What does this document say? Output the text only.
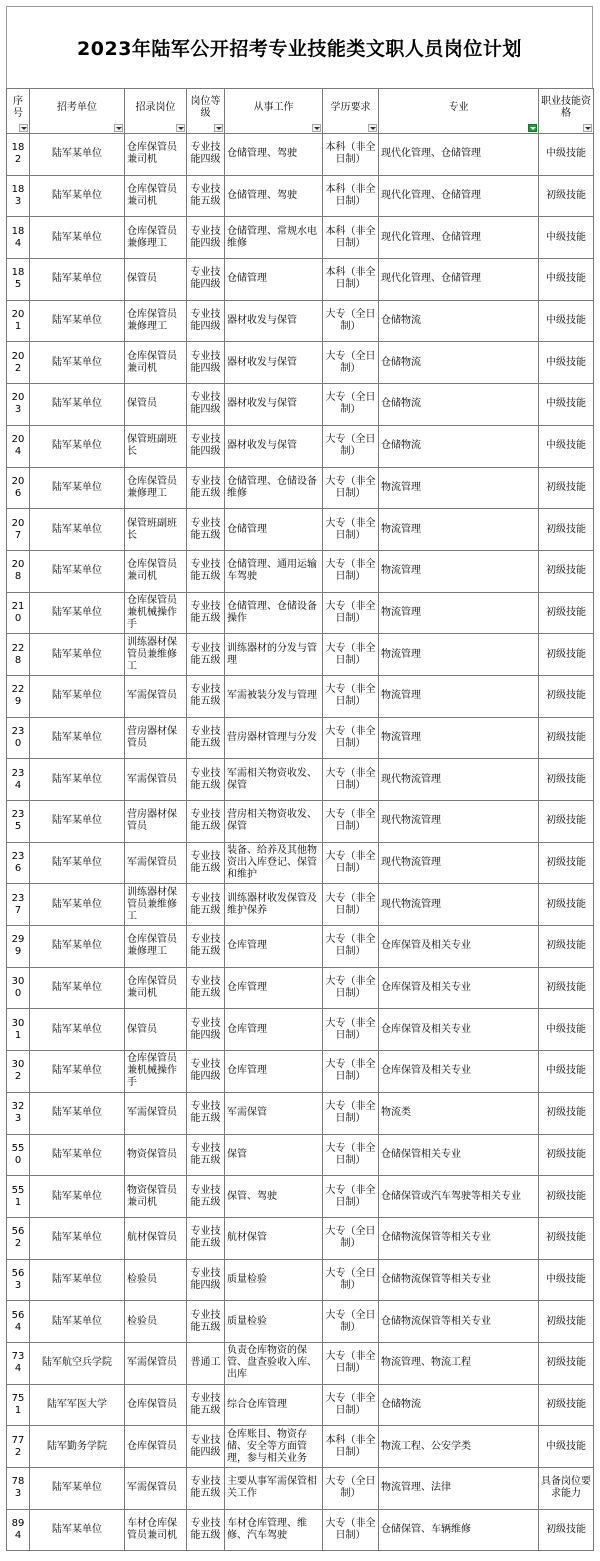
2023年陆军公开招考专业技能类文职人员岗位计划
序号	招考单位	招录岗位	岗位等级	从事工作	学历要求	专业	职业技能资格

182	陆军某单位	仓库保管员兼司机	专业技能四级	仓储管理、驾驶	本科（非全日制）	现代化管理、仓储管理	中级技能
183	陆军某单位	仓库保管员兼司机	专业技能五级	仓储管理、驾驶	本科（非全日制）	现代化管理、仓储管理	初级技能
184	陆军某单位	仓库保管员兼修理工	专业技能四级	仓储管理、常规水电维修	本科（非全日制）	现代化管理、仓储管理	中级技能
185	陆军某单位	保管员	专业技能四级	仓储管理	本科（非全日制）	现代化管理、仓储管理	中级技能
201	陆军某单位	仓库保管员兼修理工	专业技能四级	器材收发与保管	大专（全日制）	仓储物流	中级技能
202	陆军某单位	仓库保管员兼司机	专业技能四级	器材收发与保管	大专（全日制）	仓储物流	中级技能
203	陆军某单位	保管员	专业技能四级	器材收发与保管	大专（全日制）	仓储物流	中级技能
204	陆军某单位	保管班副班长	专业技能四级	器材收发与保管	大专（全日制）	仓储物流	中级技能
206	陆军某单位	仓库保管员兼修理工	专业技能五级	仓储管理、仓储设备维修	大专（非全日制）	物流管理	初级技能
207	陆军某单位	保管班副班长	专业技能五级	仓储管理	大专（非全日制）	物流管理	初级技能
208	陆军某单位	仓库保管员兼司机	专业技能五级	仓储管理、通用运输车驾驶	大专（非全日制）	物流管理	初级技能
210	陆军某单位	仓库保管员兼机械操作手	专业技能五级	仓储管理、仓储设备操作	大专（非全日制）	物流管理	初级技能
228	陆军某单位	训练器材保管员兼维修工	专业技能五级	训练器材的分发与管理	大专（非全日制）	物流管理	初级技能
229	陆军某单位	军需保管员	专业技能五级	军需被装分发与管理	大专（非全日制）	物流管理	初级技能
230	陆军某单位	营房器材保管员	专业技能五级	营房器材管理与分发	大专（非全日制）	物流管理	初级技能
234	陆军某单位	军需保管员	专业技能五级	军需相关物资收发、保管	大专（非全日制）	现代物流管理	初级技能
235	陆军某单位	营房器材保管员	专业技能五级	营房相关物资收发、保管	大专（非全日制）	现代物流管理	初级技能
236	陆军某单位	军需保管员	专业技能五级	装备、给养及其他物资出入库登记、保管和维护	大专（非全日制）	现代物流管理	初级技能
237	陆军某单位	训练器材保管员兼维修工	专业技能五级	训练器材收发保管及维护保养	大专（非全日制）	现代物流管理	初级技能
299	陆军某单位	仓库保管员兼修理工	专业技能五级	仓库管理	大专（非全日制）	仓库保管及相关专业	初级技能
300	陆军某单位	仓库保管员兼司机	专业技能五级	仓库管理	大专（非全日制）	仓库保管及相关专业	初级技能
301	陆军某单位	保管员	专业技能四级	仓库管理	大专（非全日制）	仓库保管及相关专业	中级技能
302	陆军某单位	仓库保管员兼机械操作手	专业技能四级	仓库管理	大专（非全日制）	仓库保管及相关专业	中级技能
323	陆军某单位	军需保管员	专业技能五级	军需保管	大专（非全日制）	物流类	初级技能
550	陆军某单位	物资保管员	专业技能五级	保管	大专（非全日制）	仓储保管相关专业	初级技能
551	陆军某单位	物资保管员兼司机	专业技能五级	保管、驾驶	大专（非全日制）	仓储保管或汽车驾驶等相关专业	初级技能
562	陆军某单位	航材保管员	专业技能五级	航材保管	大专（全日制）	仓储物流保管等相关专业	初级技能
563	陆军某单位	检验员	专业技能四级	质量检验	大专（全日制）	仓储物流保管等相关专业	中级技能
564	陆军某单位	检验员	专业技能五级	质量检验	大专（全日制）	仓储物流保管等相关专业	初级技能
734	陆军航空兵学院	军需保管员	普通工	负责仓库物资的保管、盘查验收入库、出库	大专（非全日制）	物流管理、物流工程	初级技能
751	陆军军医大学	仓库保管员	专业技能五级	综合仓库管理	大专（非全日制）	仓储物流	初级技能
772	陆军勤务学院	仓库保管员	专业技能四级	仓库账目、物资存储、安全等方面管理，参与相关业务	本科（非全日制）	物流工程、公安学类	中级技能
783	陆军某单位	军需保管员	专业技能五级	主要从事军需保管相关工作	大专（全日制）	物流管理、法律	具备岗位要求能力
894	陆军某单位	车材仓库保管员兼司机	专业技能五级	车材仓库管理、维修、汽车驾驶	大专（非全日制）	仓储保管、车辆维修	初级技能
